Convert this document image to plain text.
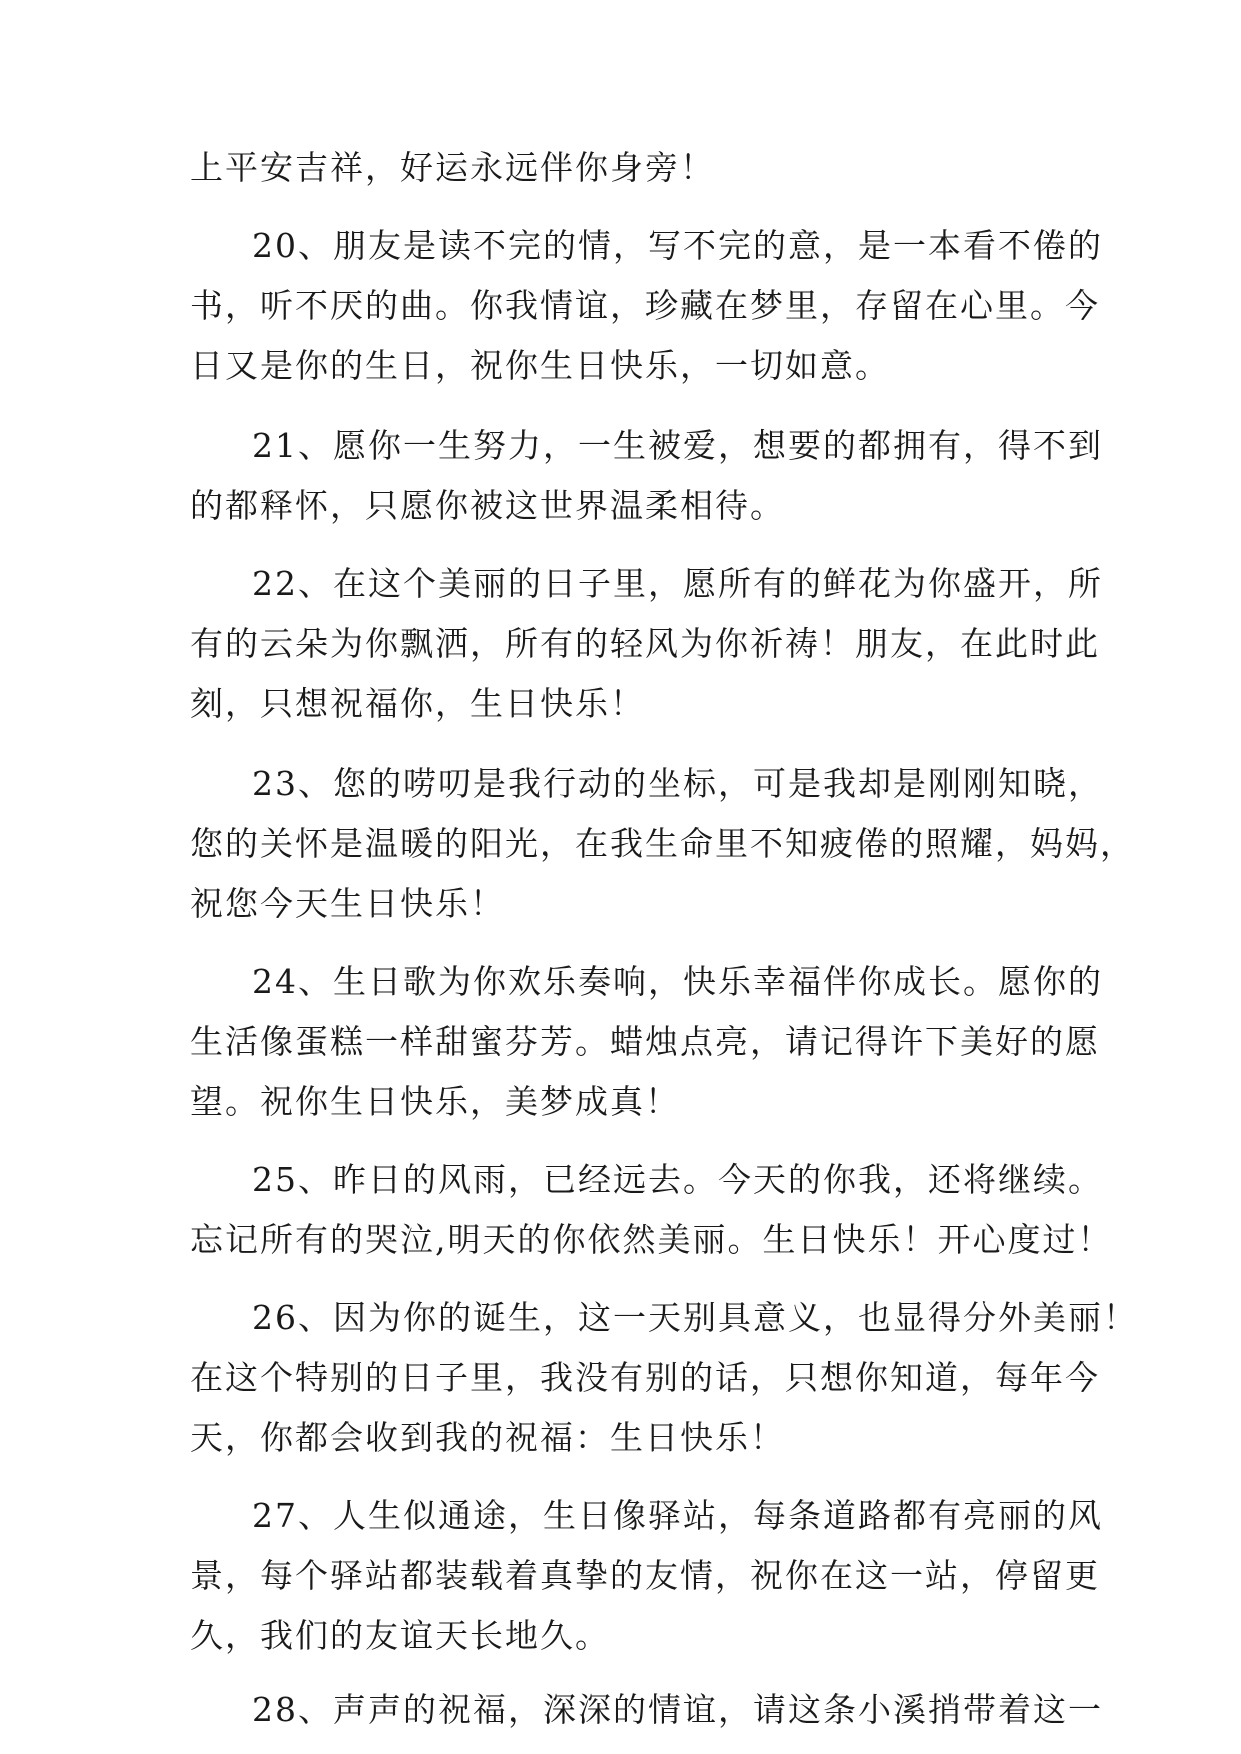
上平安吉祥，好运永远伴你身旁！
20、朋友是读不完的情，写不完的意，是一本看不倦的
书，听不厌的曲。你我情谊，珍藏在梦里，存留在心里。今
日又是你的生日，祝你生日快乐，一切如意。
21、愿你一生努力，一生被爱，想要的都拥有，得不到
的都释怀，只愿你被这世界温柔相待。
22、在这个美丽的日子里，愿所有的鲜花为你盛开，所
有的云朵为你飘洒，所有的轻风为你祈祷！朋友，在此时此
刻，只想祝福你，生日快乐！
23、您的唠叨是我行动的坐标，可是我却是刚刚知晓，
您的关怀是温暖的阳光，在我生命里不知疲倦的照耀，妈妈，
祝您今天生日快乐！
24、生日歌为你欢乐奏响，快乐幸福伴你成长。愿你的
生活像蛋糕一样甜蜜芬芳。蜡烛点亮，请记得许下美好的愿
望。祝你生日快乐，美梦成真！
25、昨日的风雨，已经远去。今天的你我，还将继续。
忘记所有的哭泣,明天的你依然美丽。生日快乐！开心度过！
26、因为你的诞生，这一天别具意义，也显得分外美丽！
在这个特别的日子里，我没有别的话，只想你知道，每年今
天，你都会收到我的祝福：生日快乐！
27、人生似通途，生日像驿站，每条道路都有亮丽的风
景，每个驿站都装载着真挚的友情，祝你在这一站，停留更
久，我们的友谊天长地久。
28、声声的祝福，深深的情谊，请这条小溪捎带着这一
